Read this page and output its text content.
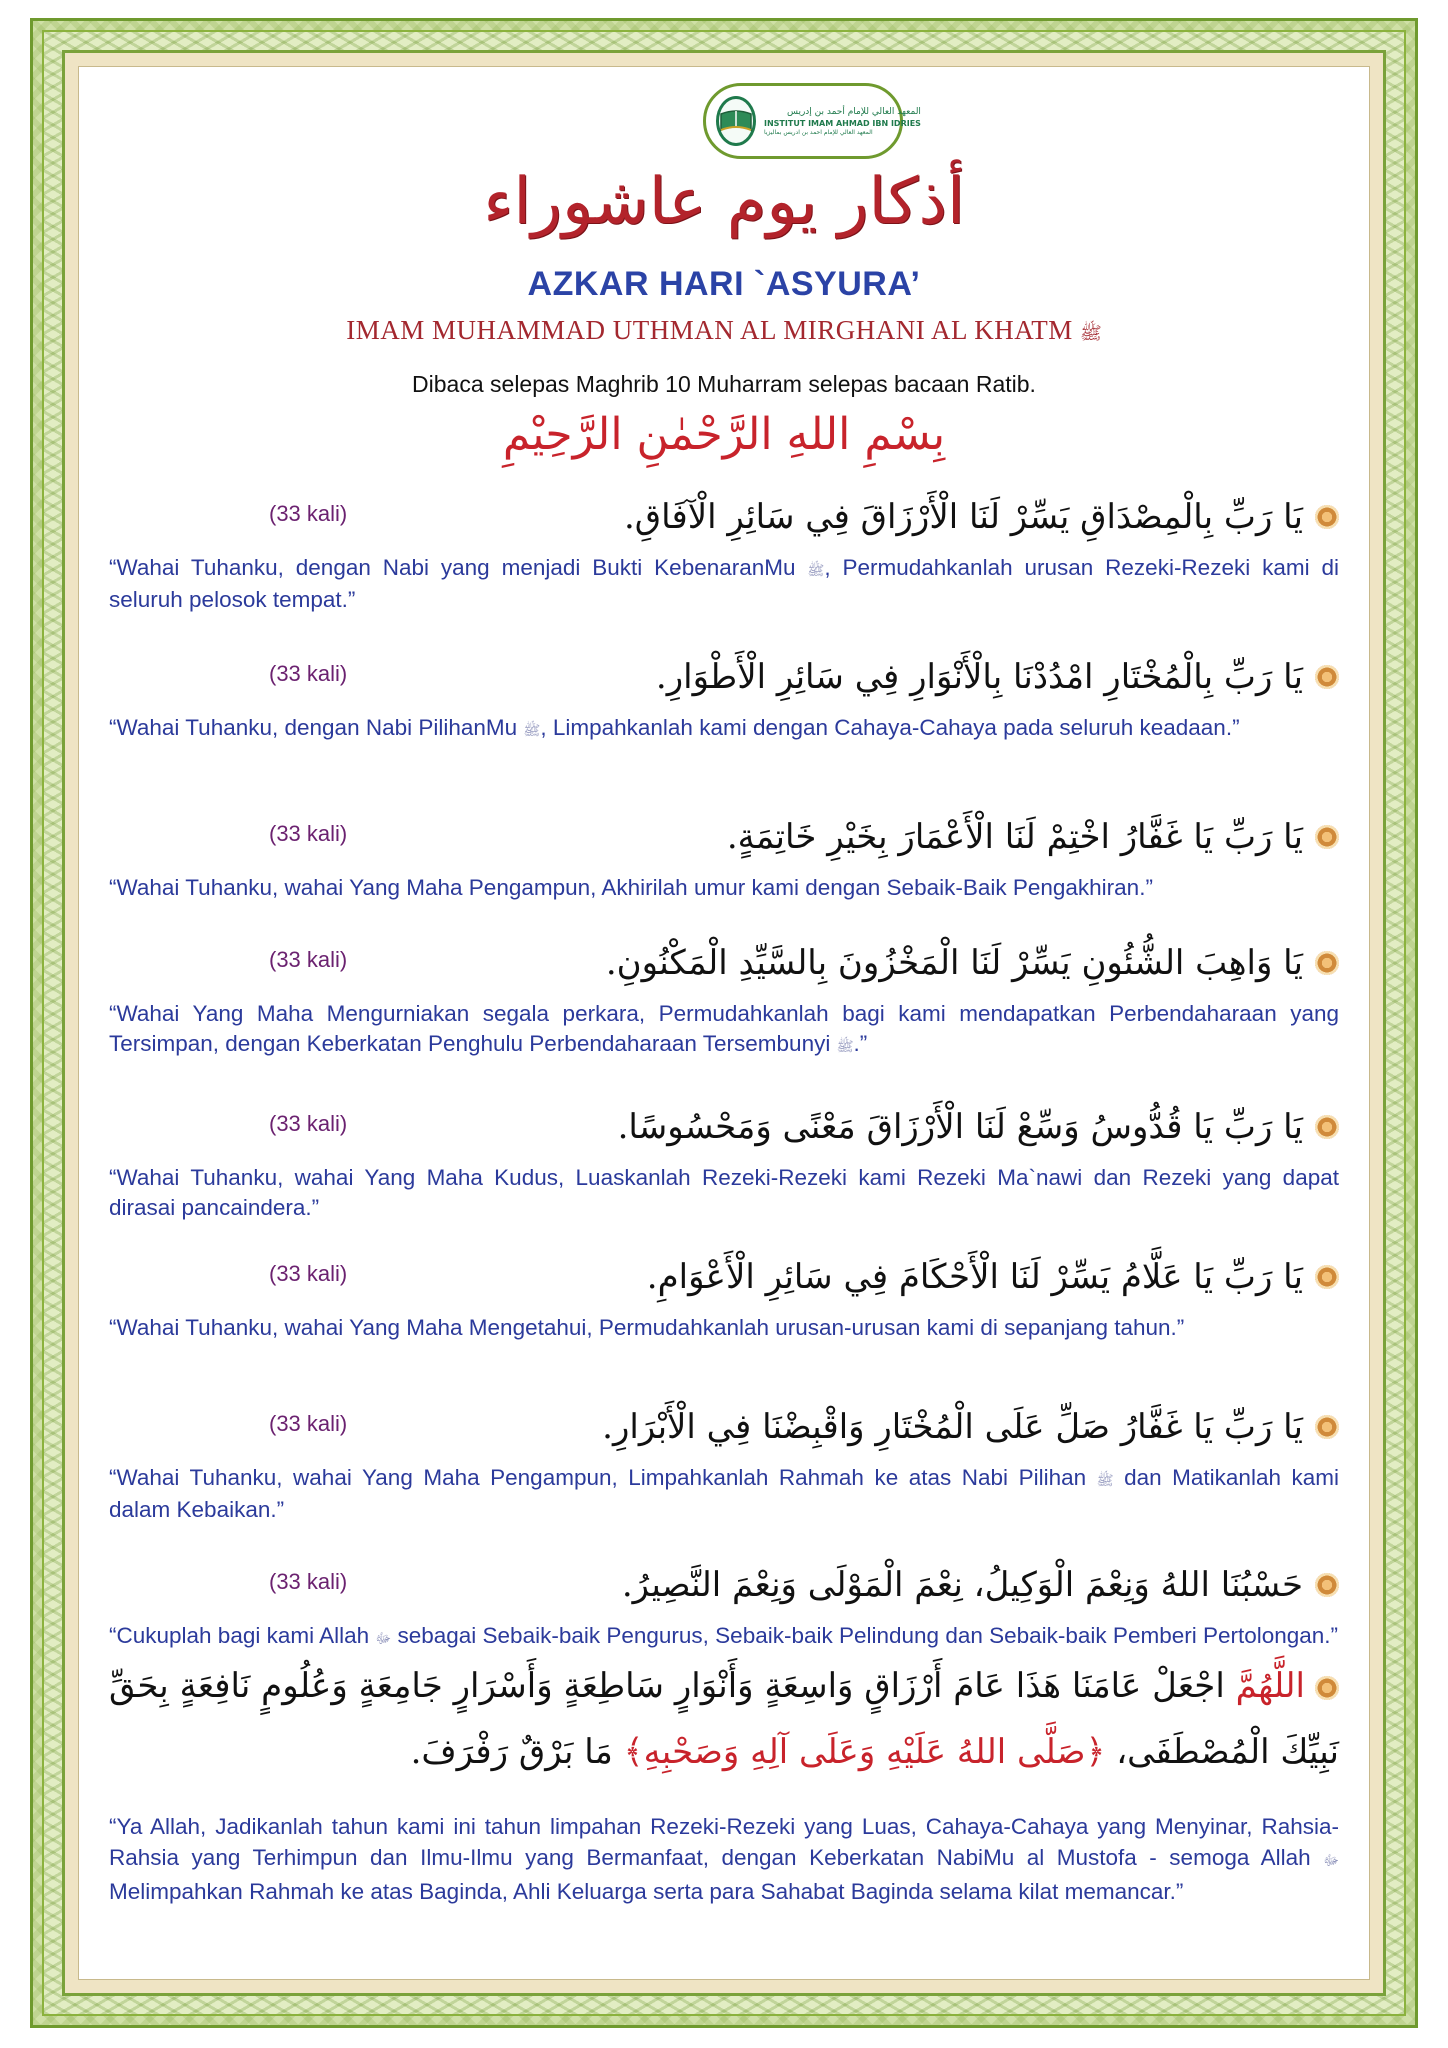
المعهد العالي للإمام أحمد بن إدريس
INSTITUT IMAM AHMAD IBN IDRIES
المعهد العالي للإمام احمد بن ادريس بماليزيا
أذكار يوم عاشوراء
AZKAR HARI `ASYURA’
IMAM MUHAMMAD UTHMAN AL MIRGHANI AL KHATM ﷺ
Dibaca selepas Maghrib 10 Muharram selepas bacaan Ratib.
بِسْمِ اللهِ الرَّحْمٰنِ الرَّحِيْمِ
يَا رَبِّ بِالْمِصْدَاقِ يَسِّرْ لَنَا الْأَرْزَاقَ فِي سَائِرِ الْآفَاقِ.
(33 kali)
“Wahai Tuhanku, dengan Nabi yang menjadi Bukti KebenaranMu ﷺ, Permudahkanlah urusan Rezeki-Rezeki kami di seluruh pelosok tempat.”
يَا رَبِّ بِالْمُخْتَارِ امْدُدْنَا بِالْأَنْوَارِ فِي سَائِرِ الْأَطْوَارِ.
(33 kali)
“Wahai Tuhanku, dengan Nabi PilihanMu ﷺ, Limpahkanlah kami dengan Cahaya-Cahaya pada seluruh keadaan.”
يَا رَبِّ يَا غَفَّارُ اخْتِمْ لَنَا الْأَعْمَارَ بِخَيْرِ خَاتِمَةٍ.
(33 kali)
“Wahai Tuhanku, wahai Yang Maha Pengampun, Akhirilah umur kami dengan Sebaik-Baik Pengakhiran.”
يَا وَاهِبَ الشُّئُونِ يَسِّرْ لَنَا الْمَخْزُونَ بِالسَّيِّدِ الْمَكْنُونِ.
(33 kali)
“Wahai Yang Maha Mengurniakan segala perkara, Permudahkanlah bagi kami mendapatkan Perbendaharaan yang Tersimpan, dengan Keberkatan Penghulu Perbendaharaan Tersembunyi ﷺ.”
يَا رَبِّ يَا قُدُّوسُ وَسِّعْ لَنَا الْأَرْزَاقَ مَعْنًى وَمَحْسُوسًا.
(33 kali)
“Wahai Tuhanku, wahai Yang Maha Kudus, Luaskanlah Rezeki-Rezeki kami Rezeki Ma`nawi dan Rezeki yang dapat dirasai pancaindera.”
يَا رَبِّ يَا عَلَّامُ يَسِّرْ لَنَا الْأَحْكَامَ فِي سَائِرِ الْأَعْوَامِ.
(33 kali)
“Wahai Tuhanku, wahai Yang Maha Mengetahui, Permudahkanlah urusan-urusan kami di sepanjang tahun.”
يَا رَبِّ يَا غَفَّارُ صَلِّ عَلَى الْمُخْتَارِ وَاقْبِضْنَا فِي الْأَبْرَارِ.
(33 kali)
“Wahai Tuhanku, wahai Yang Maha Pengampun, Limpahkanlah Rahmah ke atas Nabi Pilihan ﷺ dan Matikanlah kami dalam Kebaikan.”
حَسْبُنَا اللهُ وَنِعْمَ الْوَكِيلُ، نِعْمَ الْمَوْلَى وَنِعْمَ النَّصِيرُ.
(33 kali)
“Cukuplah bagi kami Allah ﷻ sebagai Sebaik-baik Pengurus, Sebaik-baik Pelindung dan Sebaik-baik Pemberi Pertolongan.”
اللَّهُمَّ اجْعَلْ عَامَنَا هَذَا عَامَ أَرْزَاقٍ وَاسِعَةٍ وَأَنْوَارٍ سَاطِعَةٍ وَأَسْرَارٍ جَامِعَةٍ وَعُلُومٍ نَافِعَةٍ بِحَقِّ نَبِيِّكَ الْمُصْطَفَى، ﴿صَلَّى اللهُ عَلَيْهِ وَعَلَى آلِهِ وَصَحْبِهِ﴾ مَا بَرْقٌ رَفْرَفَ.
“Ya Allah, Jadikanlah tahun kami ini tahun limpahan Rezeki-Rezeki yang Luas, Cahaya-Cahaya yang Menyinar, Rahsia-Rahsia yang Terhimpun dan Ilmu-Ilmu yang Bermanfaat, dengan Keberkatan NabiMu al Mustofa - semoga Allah ﷻ Melimpahkan Rahmah ke atas Baginda, Ahli Keluarga serta para Sahabat Baginda selama kilat memancar.”
